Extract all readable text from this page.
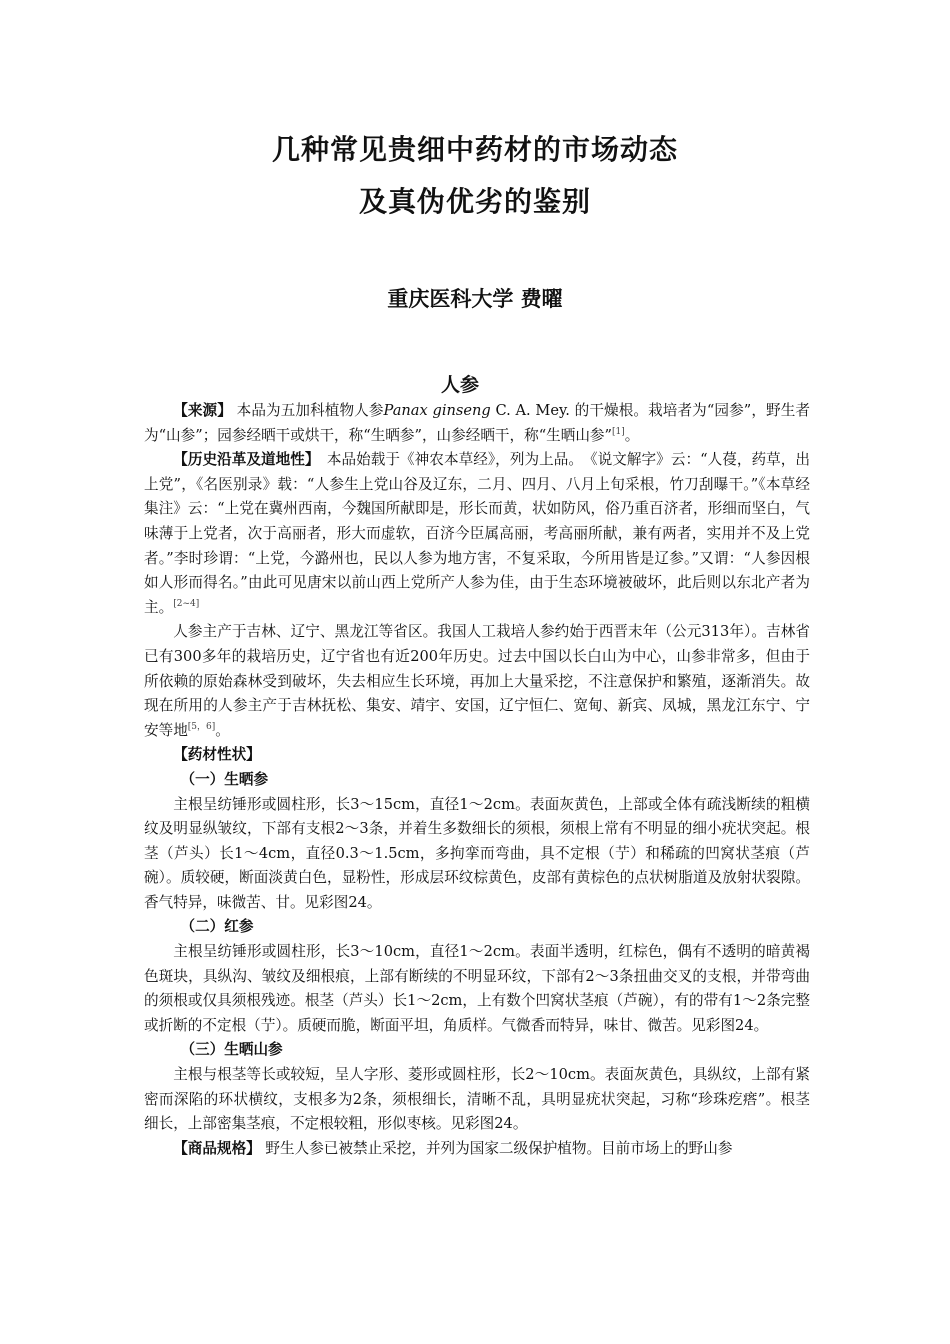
几种常见贵细中药材的市场动态
及真伪优劣的鉴别
重庆医科大学 费曜
人参

【来源】 本品为五加科植物人参Panax ginseng C. A. Mey. 的干燥根。栽培者为“园参”，野生者为“山参”；园参经晒干或烘干，称“生晒参”，山参经晒干，称“生晒山参”[1]。

【历史沿革及道地性】　 本品始载于《神农本草经》，列为上品。　《说文解字》云：“人葠，药草，出上党”，《名医别录》载：“人参生上党山谷及辽东，二月、四月、八月上旬采根，竹刀刮曝干。”《本草经集注》云：“上党在冀州西南，今魏国所献即是，形长而黄，状如防风，俗乃重百济者，形细而坚白，气味薄于上党者，次于高丽者，形大而虚软，百济今臣属高丽，考高丽所献，兼有两者，实用并不及上党者。”李时珍谓：“上党，今潞州也，民以人参为地方害，不复采取，今所用皆是辽参。”又谓：“人参因根如人形而得名。”由此可见唐宋以前山西上党所产人参为佳，由于生态环境被破坏，此后则以东北产者为主。[2~4]

人参主产于吉林、辽宁、黑龙江等省区。我国人工栽培人参约始于西晋末年（公元313年）。吉林省已有300多年的栽培历史，辽宁省也有近200年历史。过去中国以长白山为中心，山参非常多，但由于所依赖的原始森林受到破坏，失去相应生长环境，再加上大量采挖，不注意保护和繁殖，逐渐消失。故现在所用的人参主产于吉林抚松、集安、靖宇、安国，辽宁恒仁、宽甸、新宾、凤城，黑龙江东宁、宁安等地[5，6]。

【药材性状】

（一）生晒参

主根呈纺锤形或圆柱形，长3～15cm，直径1～2cm。表面灰黄色，上部或全体有疏浅断续的粗横纹及明显纵皱纹，下部有支根2～3条，并着生多数细长的须根，须根上常有不明显的细小疣状突起。根茎（芦头）长1～4cm，直径0.3～1.5cm，多拘挛而弯曲，具不定根（艼）和稀疏的凹窝状茎痕（芦碗）。质较硬，断面淡黄白色，显粉性，形成层环纹棕黄色，皮部有黄棕色的点状树脂道及放射状裂隙。香气特异，味微苦、甘。见彩图24。

（二）红参

主根呈纺锤形或圆柱形，长3～10cm，直径1～2cm。表面半透明，红棕色，偶有不透明的暗黄褐色斑块，具纵沟、皱纹及细根痕，上部有断续的不明显环纹，下部有2～3条扭曲交叉的支根，并带弯曲的须根或仅具须根残迹。根茎（芦头）长1～2cm，上有数个凹窝状茎痕（芦碗），有的带有1～2条完整或折断的不定根（艼）。质硬而脆，断面平坦，角质样。气微香而特异，味甘、微苦。见彩图24。

（三）生晒山参

主根与根茎等长或较短，呈人字形、菱形或圆柱形，长2～10cm。表面灰黄色，具纵纹，上部有紧密而深陷的环状横纹，支根多为2条，须根细长，清晰不乱，具明显疣状突起，习称“珍珠疙瘩”。根茎细长，上部密集茎痕，不定根较粗，形似枣核。见彩图24。

【商品规格】 野生人参已被禁止采挖，并列为国家二级保护植物。目前市场上的野山参
